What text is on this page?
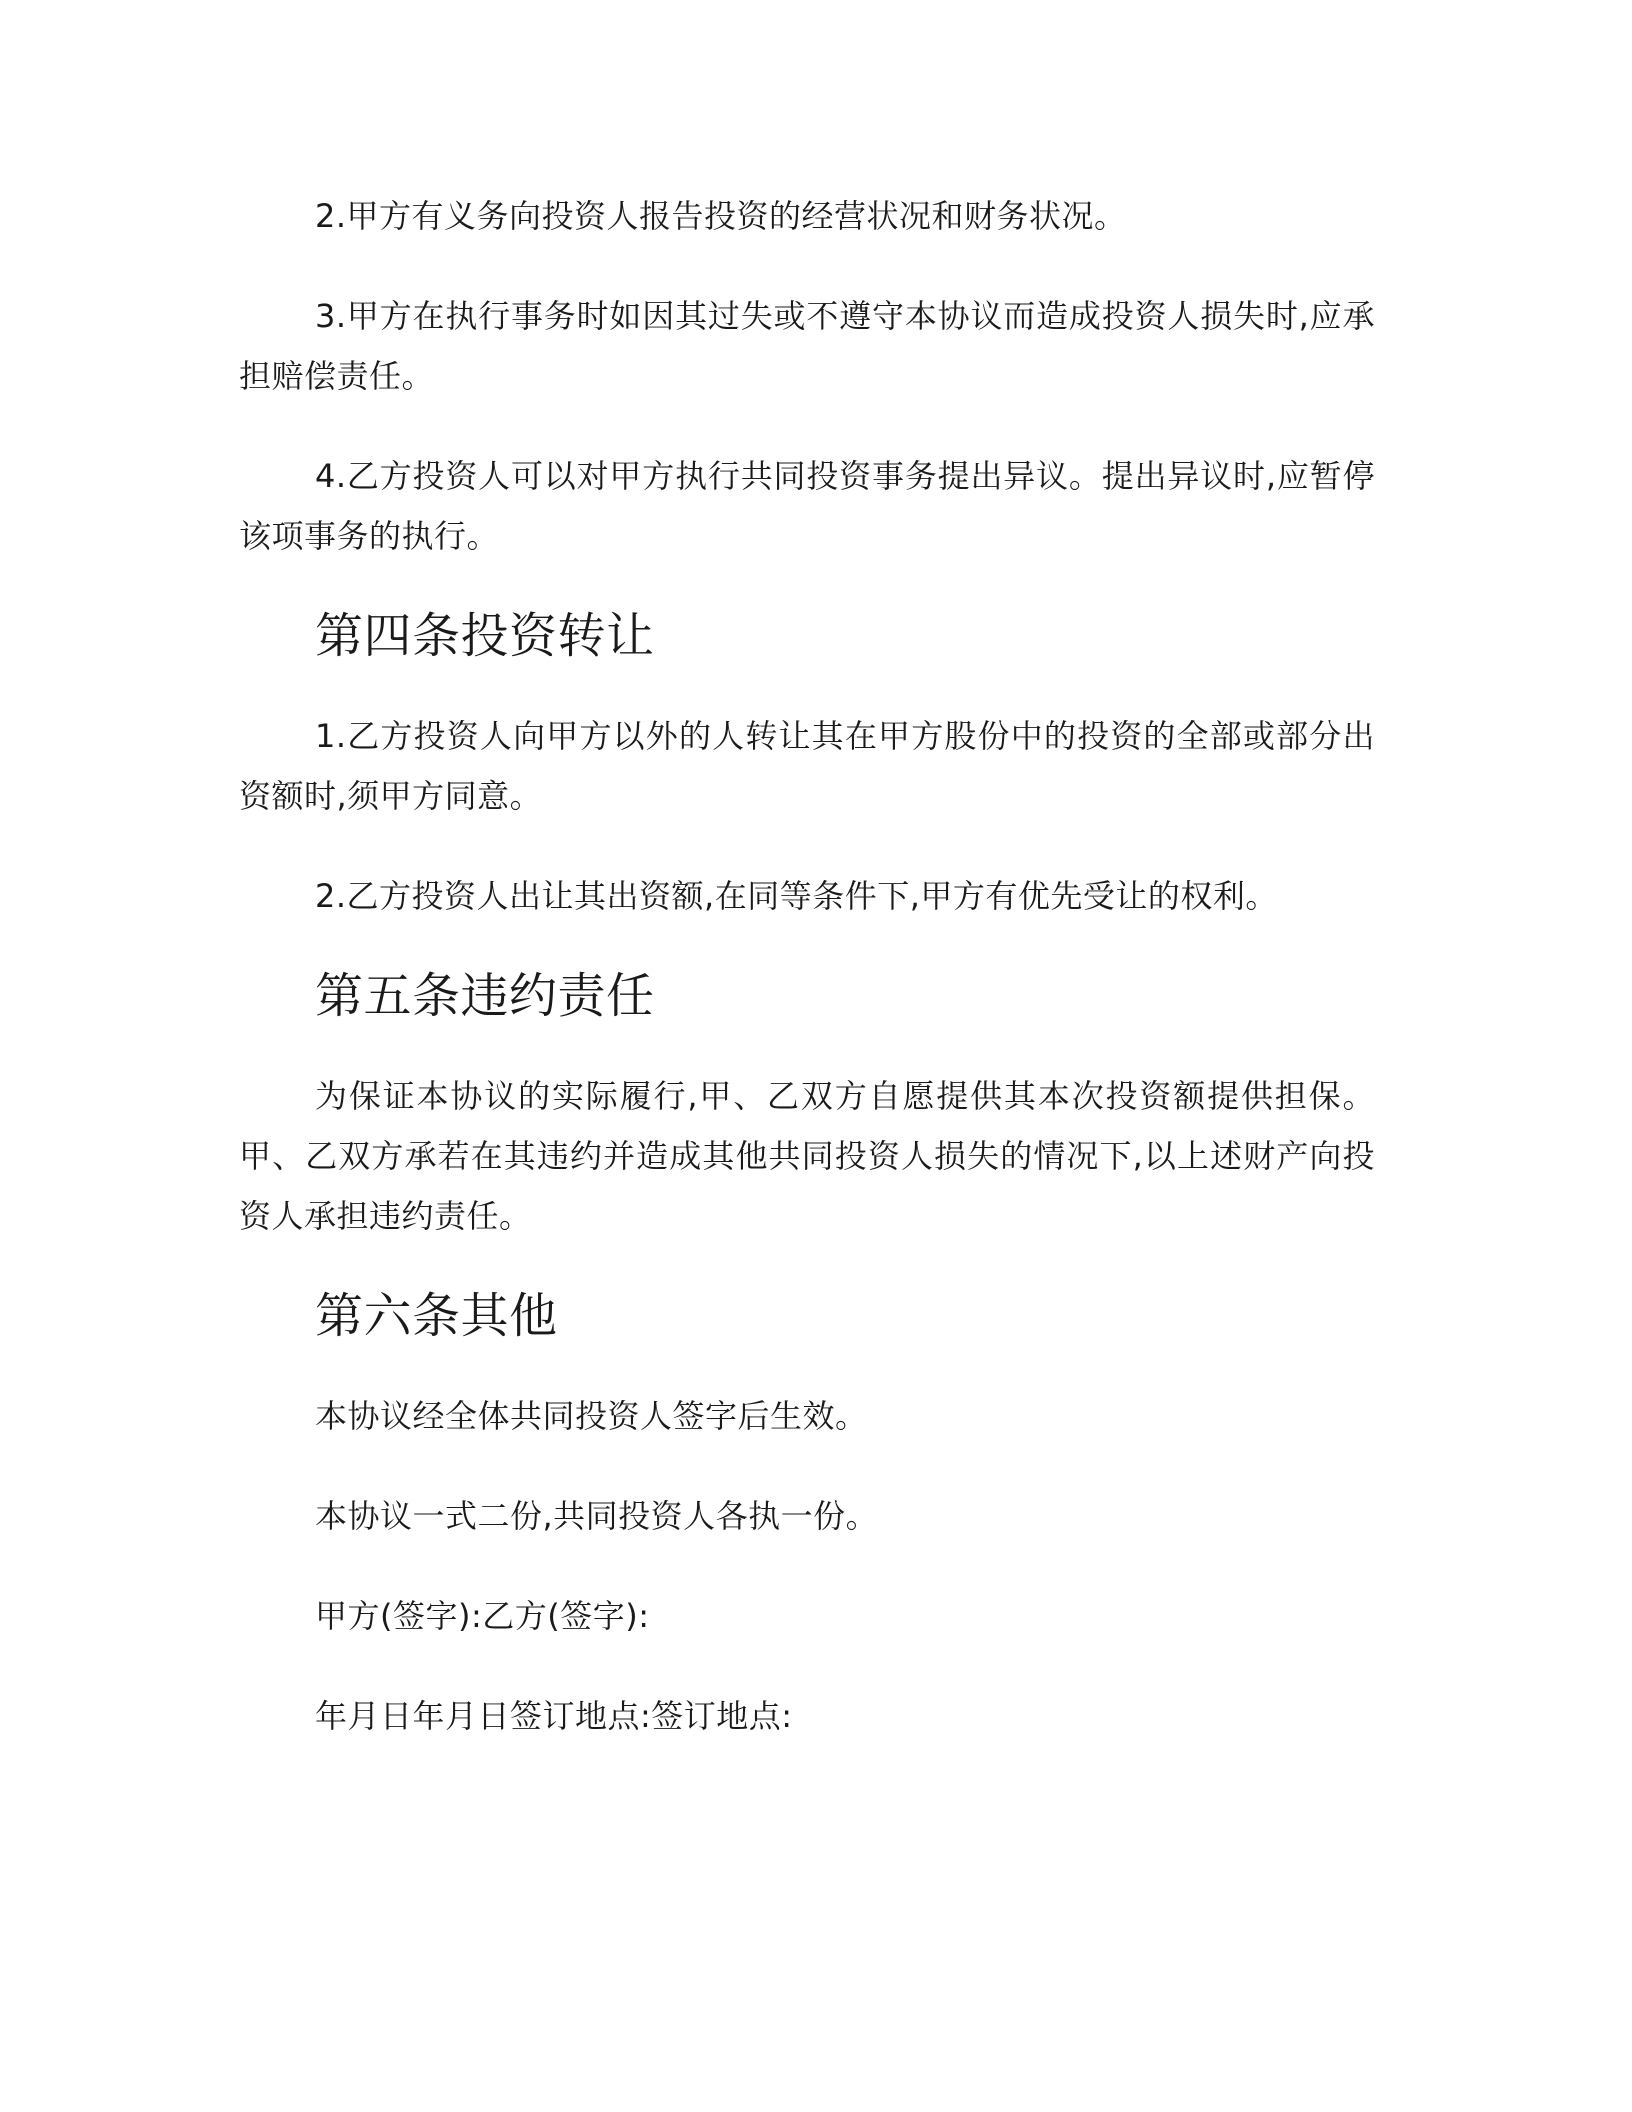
2.甲方有义务向投资人报告投资的经营状况和财务状况。

3.甲方在执行事务时如因其过失或不遵守本协议而造成投资人损失时,应承担赔偿责任。

4.乙方投资人可以对甲方执行共同投资事务提出异议。提出异议时,应暂停该项事务的执行。

第四条投资转让

1.乙方投资人向甲方以外的人转让其在甲方股份中的投资的全部或部分出资额时,须甲方同意。

2.乙方投资人出让其出资额,在同等条件下,甲方有优先受让的权利。

第五条违约责任

为保证本协议的实际履行,甲、乙双方自愿提供其本次投资额提供担保。甲、乙双方承若在其违约并造成其他共同投资人损失的情况下,以上述财产向投资人承担违约责任。

第六条其他

本协议经全体共同投资人签字后生效。

本协议一式二份,共同投资人各执一份。

甲方(签字):乙方(签字):

年月日年月日签订地点:签订地点:
